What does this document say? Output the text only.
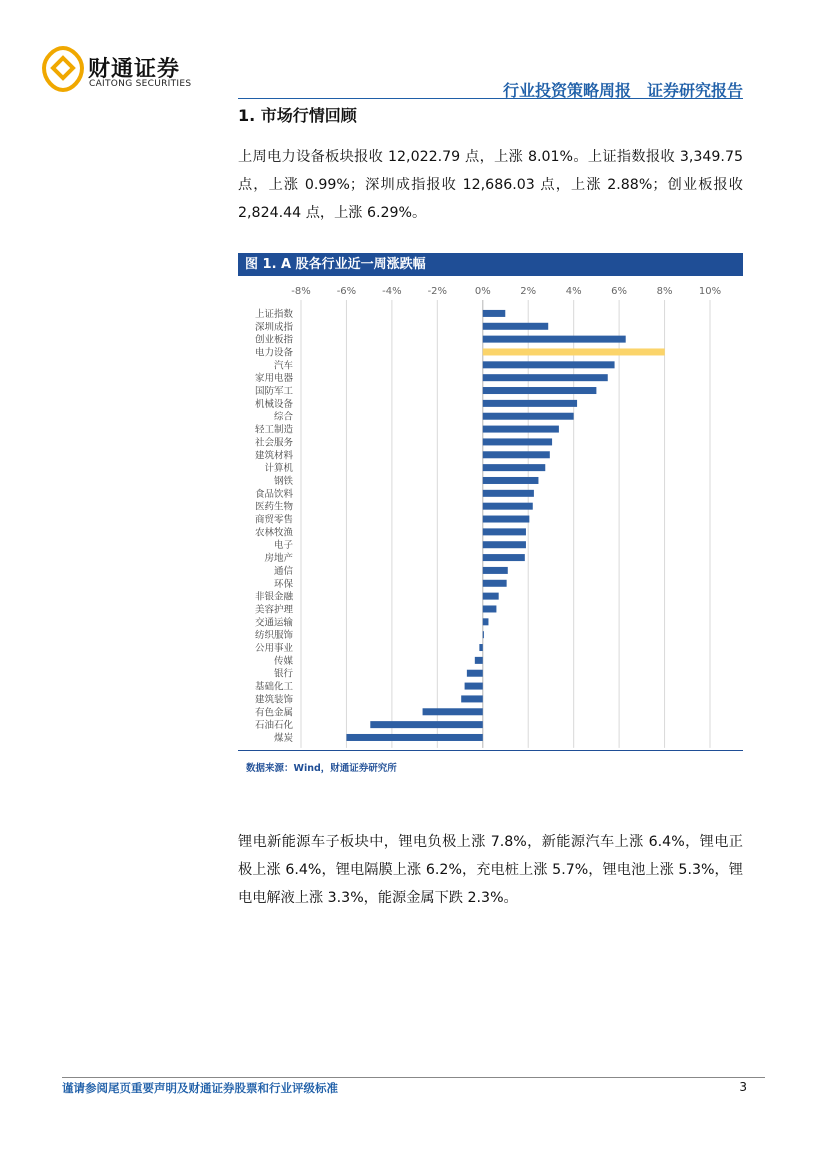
财通证券
CAITONG SECURITIES	行业投资策略周报 证券研究报告
1. 市场行情回顾
上周电力设备板块报收 12,022.79 点，上涨 8.01%。上证指数报收 3,349.75 点，上涨 0.99%；深圳成指报收 12,686.03 点，上涨 2.88%；创业板报收 2,824.44 点，上涨 6.29%。
图 1. A 股各行业近一周涨跌幅
-8%	-6%	-4%	-2%	0%	2%	4%	6%	8%	10%
上证指数
深圳成指
创业板指
电力设备
汽车
家用电器
国防军工
机械设备
综合
轻工制造
社会服务
建筑材料
计算机
钢铁
食品饮料
医药生物
商贸零售
农林牧渔
电子
房地产
通信
环保
非银金融
美容护理
交通运输
纺织服饰
公用事业
传媒
银行
基础化工
建筑装饰
有色金属
石油石化
煤炭
数据来源：Wind，财通证券研究所
锂电新能源车子板块中，锂电负极上涨 7.8%，新能源汽车上涨 6.4%，锂电正极上涨 6.4%，锂电隔膜上涨 6.2%，充电桩上涨 5.7%，锂电池上涨 5.3%，锂电电解液上涨 3.3%，能源金属下跌 2.3%。
谨请参阅尾页重要声明及财通证券股票和行业评级标准	3
